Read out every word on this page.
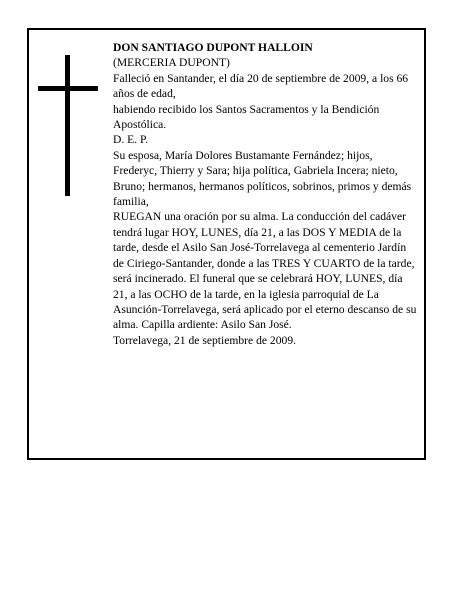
DON SANTIAGO DUPONT HALLOIN

(MERCERIA DUPONT)

Falleció en Santander, el día 20 de septiembre de 2009, a los 66 años de edad,

habiendo recibido los Santos Sacramentos y la Bendición Apostólica.

D. E. P.

Su esposa, María Dolores Bustamante Fernández; hijos, Frederyc, Thierry y Sara; hija política, Gabriela Incera; nieto, Bruno; hermanos, hermanos políticos, sobrinos, primos y demás familia,

RUEGAN una oración por su alma. La conducción del cadáver tendrá lugar HOY, LUNES, día 21, a las DOS Y MEDIA de la tarde, desde el Asilo San José-Torrelavega al cementerio Jardín de Ciriego-Santander, donde a las TRES Y CUARTO de la tarde, será incinerado. El funeral que se celebrará HOY, LUNES, día 21, a las OCHO de la tarde, en la iglesia parroquial de La Asunción-Torrelavega, será aplicado por el eterno descanso de su alma. Capilla ardiente: Asilo San José.

Torrelavega, 21 de septiembre de 2009.
